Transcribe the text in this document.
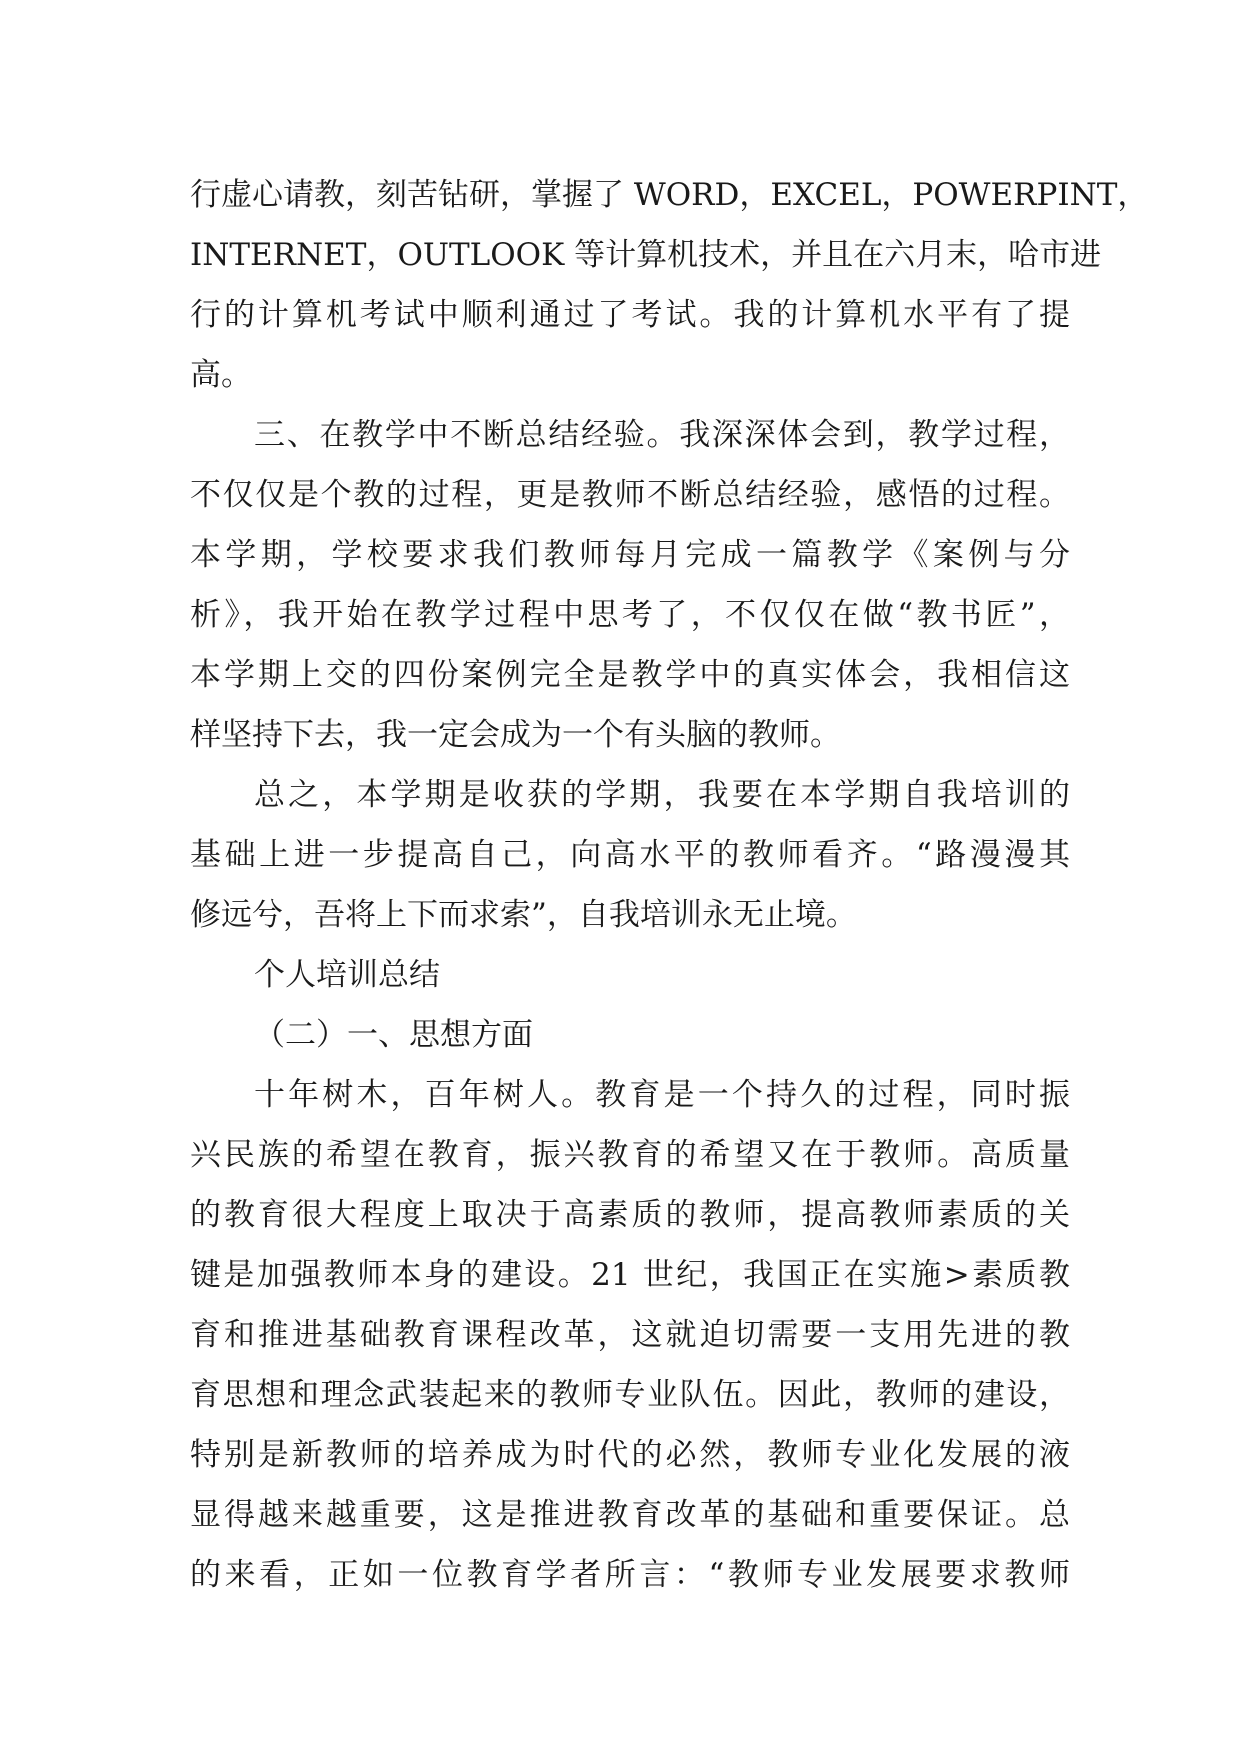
行虚心请教，刻苦钻研，掌握了 WORD，EXCEL，POWERPINT，
INTERNET，OUTLOOK 等计算机技术，并且在六月末，哈市进
行的计算机考试中顺利通过了考试。我的计算机水平有了提
高。
三、在教学中不断总结经验。我深深体会到，教学过程，
不仅仅是个教的过程，更是教师不断总结经验，感悟的过程。
本学期，学校要求我们教师每月完成一篇教学《案例与分
析》，我开始在教学过程中思考了，不仅仅在做“教书匠”，
本学期上交的四份案例完全是教学中的真实体会，我相信这
样坚持下去，我一定会成为一个有头脑的教师。
总之，本学期是收获的学期，我要在本学期自我培训的
基础上进一步提高自己，向高水平的教师看齐。“路漫漫其
修远兮，吾将上下而求索”，自我培训永无止境。
个人培训总结
（二）一、思想方面
十年树木，百年树人。教育是一个持久的过程，同时振
兴民族的希望在教育，振兴教育的希望又在于教师。高质量
的教育很大程度上取决于高素质的教师，提高教师素质的关
键是加强教师本身的建设。21 世纪，我国正在实施>素质教
育和推进基础教育课程改革，这就迫切需要一支用先进的教
育思想和理念武装起来的教师专业队伍。因此，教师的建设，
特别是新教师的培养成为时代的必然，教师专业化发展的液
显得越来越重要，这是推进教育改革的基础和重要保证。总
的来看，正如一位教育学者所言：“教师专业发展要求教师
